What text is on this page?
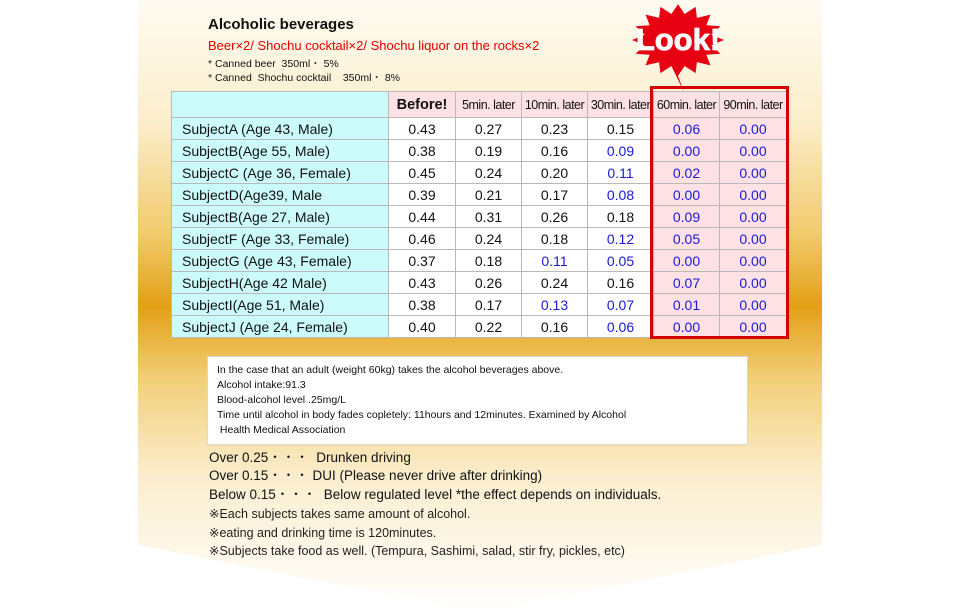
Alcoholic beverages
Beer×2/ Shochu cocktail×2/ Shochu liquor on the rocks×2
* Canned beer  350ml・ 5%
* Canned  Shochu cocktail    350ml・ 8%
	Before!	5min. later	10min. later	30min. later	60min. later	90min. later
SubjectA (Age 43, Male)	0.43	0.27	0.23	0.15	0.06	0.00
SubjectB(Age 55, Male)	0.38	0.19	0.16	0.09	0.00	0.00
SubjectC (Age 36, Female)	0.45	0.24	0.20	0.11	0.02	0.00
SubjectD(Age39, Male	0.39	0.21	0.17	0.08	0.00	0.00
SubjectB(Age 27, Male)	0.44	0.31	0.26	0.18	0.09	0.00
SubjectF (Age 33, Female)	0.46	0.24	0.18	0.12	0.05	0.00
SubjectG (Age 43, Female)	0.37	0.18	0.11	0.05	0.00	0.00
SubjectH(Age 42 Male)	0.43	0.26	0.24	0.16	0.07	0.00
SubjectI(Age 51, Male)	0.38	0.17	0.13	0.07	0.01	0.00
SubjectJ (Age 24, Female)	0.40	0.22	0.16	0.06	0.00	0.00
Look!
In the case that an adult (weight 60kg) takes the alcohol beverages above.
Alcohol intake:91.3
Blood-alcohol level .25mg/L
Time until alcohol in body fades copletely: 11hours and 12minutes. Examined by Alcohol
Health Medical Association
Over 0.25・・・  Drunken driving
Over 0.15・・・ DUI (Please never drive after drinking)
Below 0.15・・・  Below regulated level *the effect depends on individuals.
※Each subjects takes same amount of alcohol.
※eating and drinking time is 120minutes.
※Subjects take food as well. (Tempura, Sashimi, salad, stir fry, pickles, etc)
